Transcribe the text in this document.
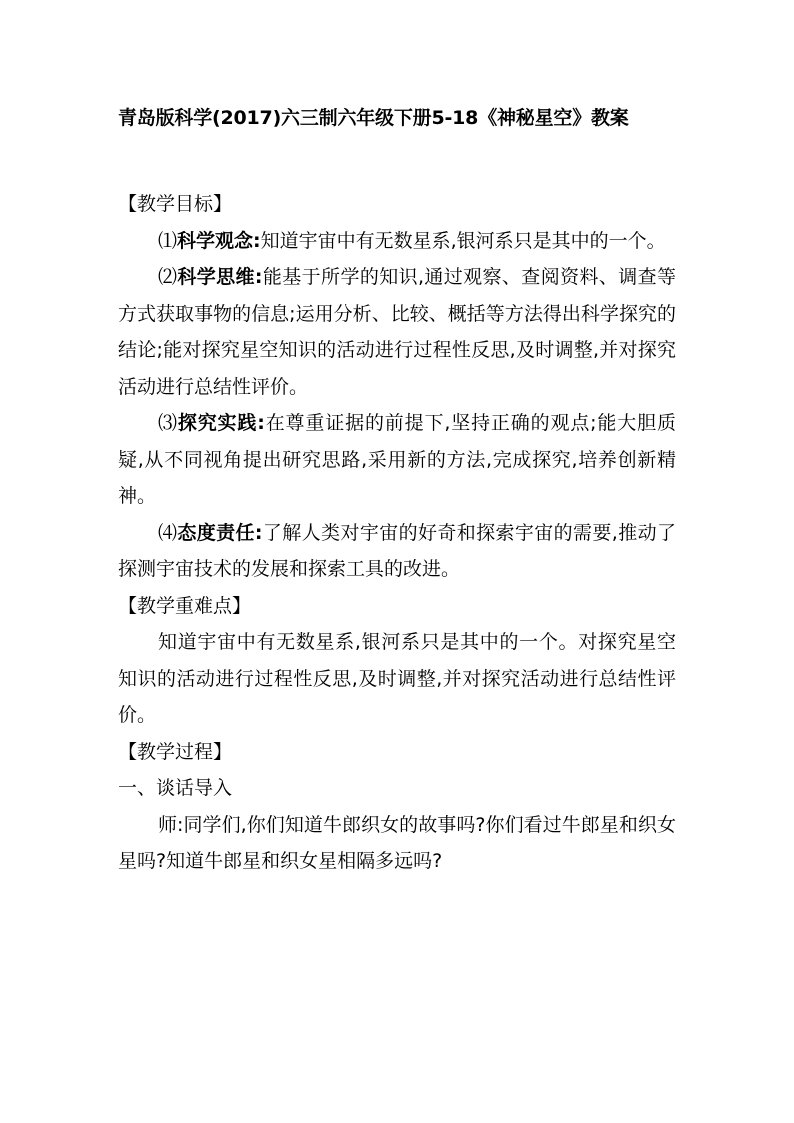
青岛版科学(2017)六三制六年级下册5-18《神秘星空》教案

【教学目标】

⑴科学观念:知道宇宙中有无数星系,银河系只是其中的一个。

⑵科学思维:能基于所学的知识,通过观察、查阅资料、调查等方式获取事物的信息;运用分析、比较、概括等方法得出科学探究的结论;能对探究星空知识的活动进行过程性反思,及时调整,并对探究活动进行总结性评价。

⑶探究实践:在尊重证据的前提下,坚持正确的观点;能大胆质疑,从不同视角提出研究思路,采用新的方法,完成探究,培养创新精神。

⑷态度责任:了解人类对宇宙的好奇和探索宇宙的需要,推动了探测宇宙技术的发展和探索工具的改进。

【教学重难点】

知道宇宙中有无数星系,银河系只是其中的一个。对探究星空知识的活动进行过程性反思,及时调整,并对探究活动进行总结性评价。

【教学过程】

一、谈话导入

师:同学们,你们知道牛郎织女的故事吗?你们看过牛郎星和织女星吗?知道牛郎星和织女星相隔多远吗?
